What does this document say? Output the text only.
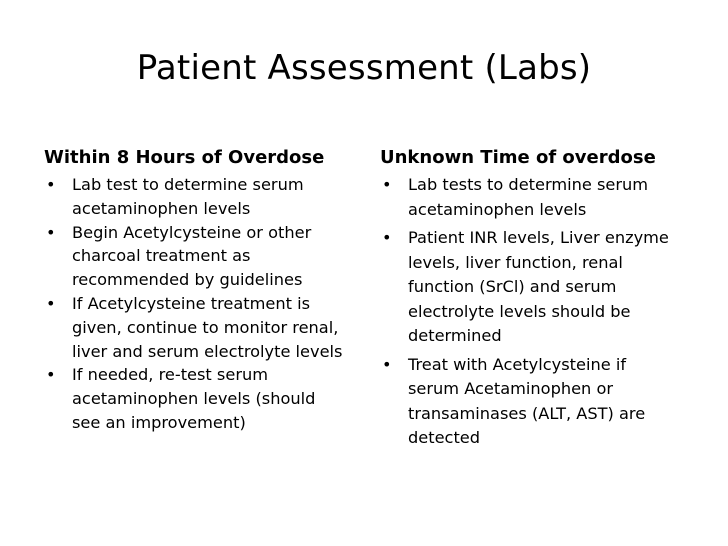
Patient Assessment (Labs)
Within 8 Hours of Overdose
• Lab test to determine serum acetaminophen levels
• Begin Acetylcysteine or other charcoal treatment as recommended by guidelines
• If Acetylcysteine treatment is given, continue to monitor renal, liver and serum electrolyte levels
• If needed, re-test serum acetaminophen levels (should see an improvement)
Unknown Time of overdose
• Lab tests to determine serum acetaminophen levels
• Patient INR levels, Liver enzyme levels, liver function, renal function (SrCl) and serum electrolyte levels should be determined
• Treat with Acetylcysteine if serum Acetaminophen or transaminases (ALT, AST) are detected
